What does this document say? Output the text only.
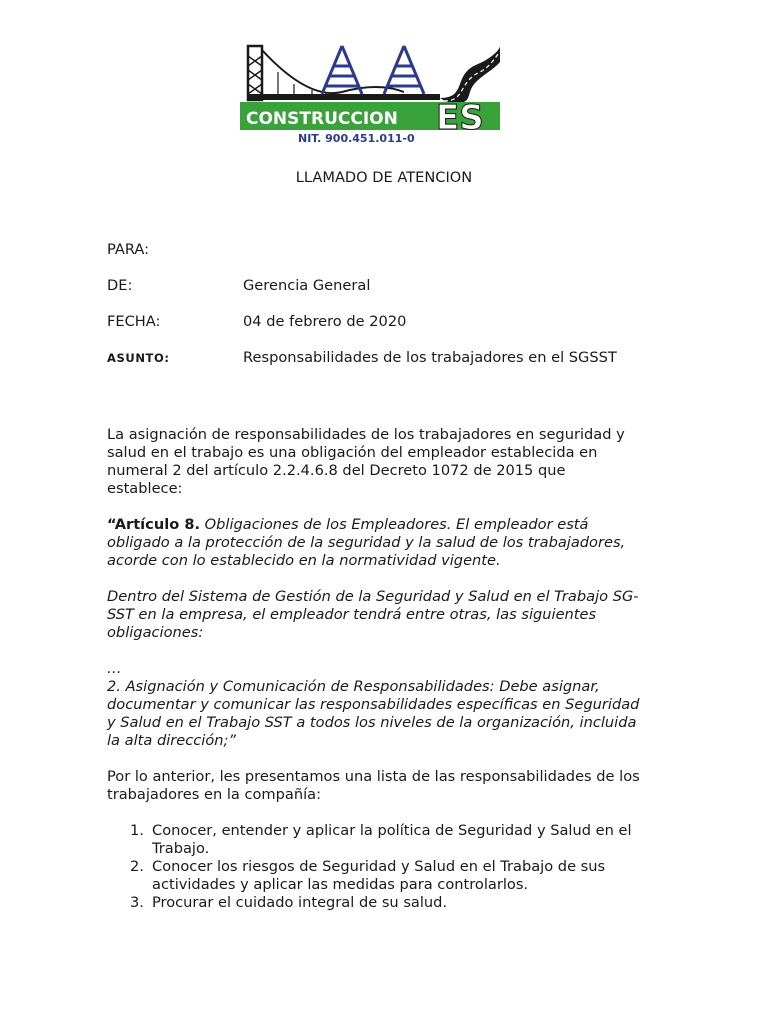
CONSTRUCCION ES
NIT. 900.451.011-0
LLAMADO DE ATENCION
PARA:
DE:	Gerencia General
FECHA:	04 de febrero de 2020
ASUNTO:	Responsabilidades de los trabajadores en el SGSST

La asignación de responsabilidades de los trabajadores en seguridad y
salud en el trabajo es una obligación del empleador establecida en
numeral 2 del artículo 2.2.4.6.8 del Decreto 1072 de 2015 que
establece:

“Artículo 8. Obligaciones de los Empleadores. El empleador está
obligado a la protección de la seguridad y la salud de los trabajadores,
acorde con lo establecido en la normatividad vigente.

Dentro del Sistema de Gestión de la Seguridad y Salud en el Trabajo SG-
SST en la empresa, el empleador tendrá entre otras, las siguientes
obligaciones:

…
2. Asignación y Comunicación de Responsabilidades: Debe asignar,
documentar y comunicar las responsabilidades específicas en Seguridad
y Salud en el Trabajo SST a todos los niveles de la organización, incluida
la alta dirección;”

Por lo anterior, les presentamos una lista de las responsabilidades de los
trabajadores en la compañía:

1. Conocer, entender y aplicar la política de Seguridad y Salud en el
Trabajo.
2. Conocer los riesgos de Seguridad y Salud en el Trabajo de sus
actividades y aplicar las medidas para controlarlos.
3. Procurar el cuidado integral de su salud.
